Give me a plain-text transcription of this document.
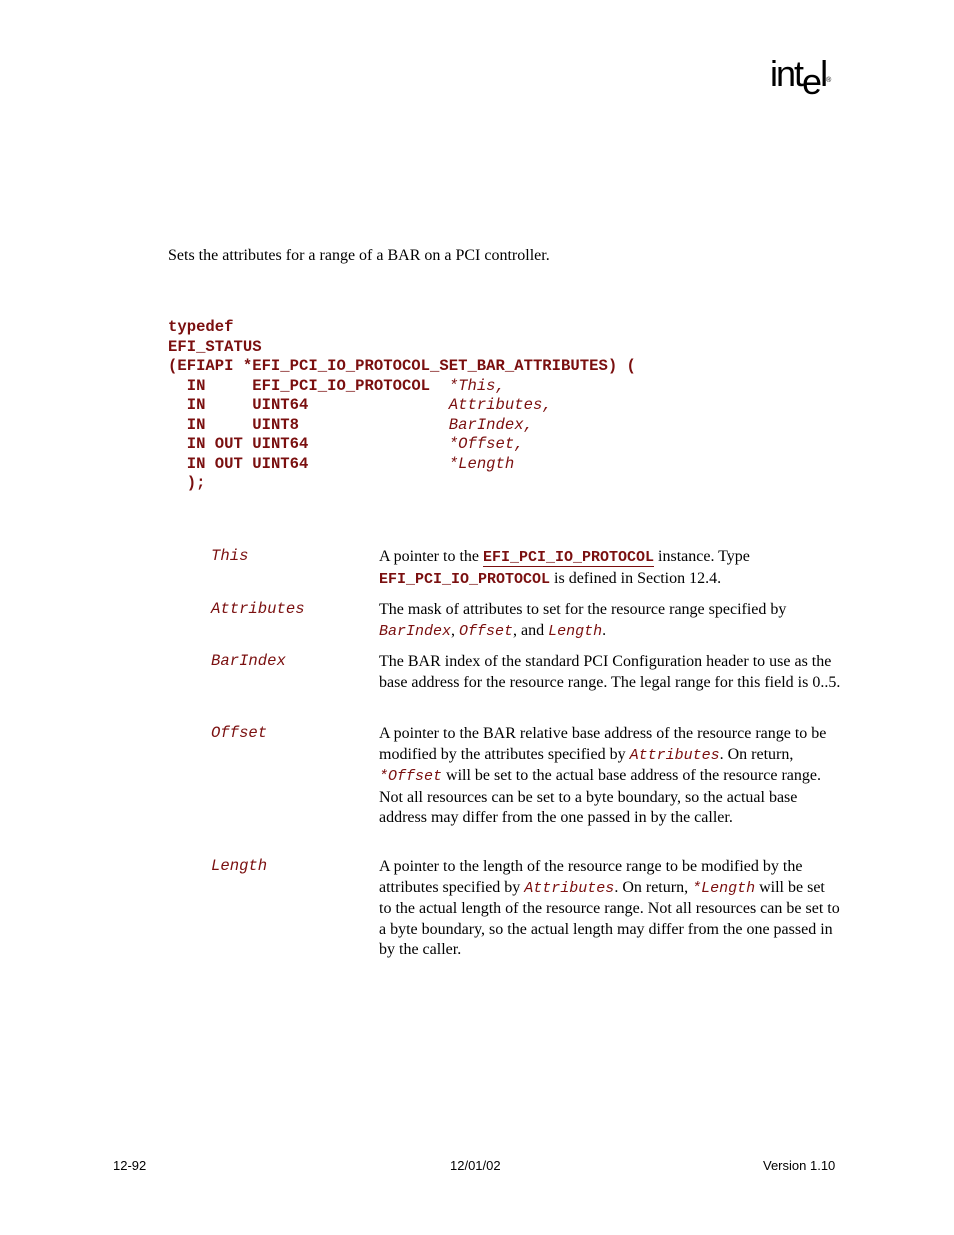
intel®
Sets the attributes for a range of a BAR on a PCI controller.
typedef
EFI_STATUS
(EFIAPI *EFI_PCI_IO_PROTOCOL_SET_BAR_ATTRIBUTES) (
IN     EFI_PCI_IO_PROTOCOL  *This,
IN     UINT64               Attributes,
IN     UINT8                BarIndex,
IN OUT UINT64               *Offset,
IN OUT UINT64               *Length
);
This	A pointer to the EFI_PCI_IO_PROTOCOL instance. Type EFI_PCI_IO_PROTOCOL is defined in Section 12.4.
Attributes	The mask of attributes to set for the resource range specified by BarIndex, Offset, and Length.
BarIndex	The BAR index of the standard PCI Configuration header to use as the base address for the resource range. The legal range for this field is 0..5.
Offset	A pointer to the BAR relative base address of the resource range to be modified by the attributes specified by Attributes. On return, *Offset will be set to the actual base address of the resource range. Not all resources can be set to a byte boundary, so the actual base address may differ from the one passed in by the caller.
Length	A pointer to the length of the resource range to be modified by the attributes specified by Attributes. On return, *Length will be set to the actual length of the resource range. Not all resources can be set to a byte boundary, so the actual length may differ from the one passed in by the caller.
12-92	12/01/02	Version 1.10
